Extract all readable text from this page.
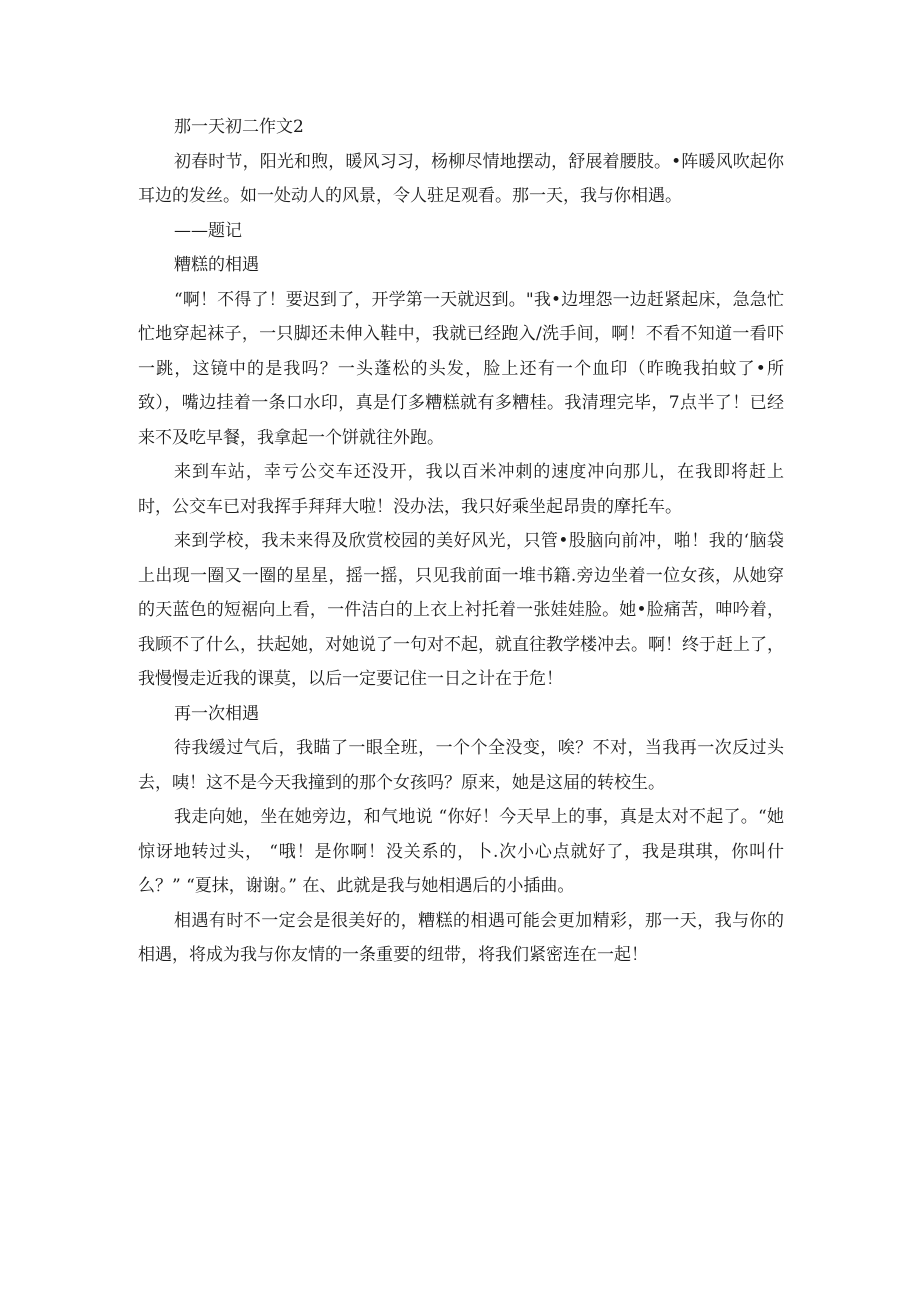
那一天初二作文2

初春时节，阳光和煦，暖风习习，杨柳尽情地摆动，舒展着腰肢。•阵暖风吹起你耳边的发丝。如一处动人的风景，令人驻足观看。那一天，我与你相遇。

——题记

糟糕的相遇

“啊！不得了！要迟到了，开学第一天就迟到。"我•边埋怨一边赶紧起床，急急忙忙地穿起袜子，一只脚还未伸入鞋中，我就已经跑入/洗手间，啊！不看不知道一看吓一跳，这镜中的是我吗？一头蓬松的头发，脸上还有一个血印（昨晚我拍蚊了•所致），嘴边挂着一条口水印，真是仃多糟糕就有多糟桂。我清理完毕，7点半了！已经来不及吃早餐，我拿起一个饼就往外跑。

来到车站，幸亏公交车还没开，我以百米冲刺的速度冲向那儿，在我即将赶上时，公交车已对我挥手拜拜大啦！没办法，我只好乘坐起昂贵的摩托车。

来到学校，我未来得及欣赏校园的美好风光，只管•股脑向前冲，啪！我的‘脑袋上出现一圈又一圈的星星，摇一摇，只见我前面一堆书籍.旁边坐着一位女孩，从她穿的天蓝色的短裾向上看，一件洁白的上衣上衬托着一张娃娃脸。她•脸痛苦，呻吟着，我顾不了什么，扶起她，对她说了一句对不起，就直往教学楼冲去。啊！终于赶上了，我慢慢走近我的课莫，以后一定要记住一日之计在于危！

再一次相遇

待我缓过气后，我瞄了一眼全班，一个个全没变，唉？不对，当我再一次反过头去，咦！这不是今天我撞到的那个女孩吗？原来，她是这届的转校生。

我走向她，坐在她旁边，和气地说 “你好！今天早上的事，真是太对不起了。“她惊讶地转过头， “哦！是你啊！没关系的，卜.次小心点就好了，我是琪琪，你叫什么？” “夏抹，谢谢。” 在、此就是我与她相遇后的小插曲。

相遇有时不一定会是很美好的，糟糕的相遇可能会更加精彩，那一天，我与你的相遇，将成为我与你友情的一条重要的纽带，将我们紧密连在一起！
